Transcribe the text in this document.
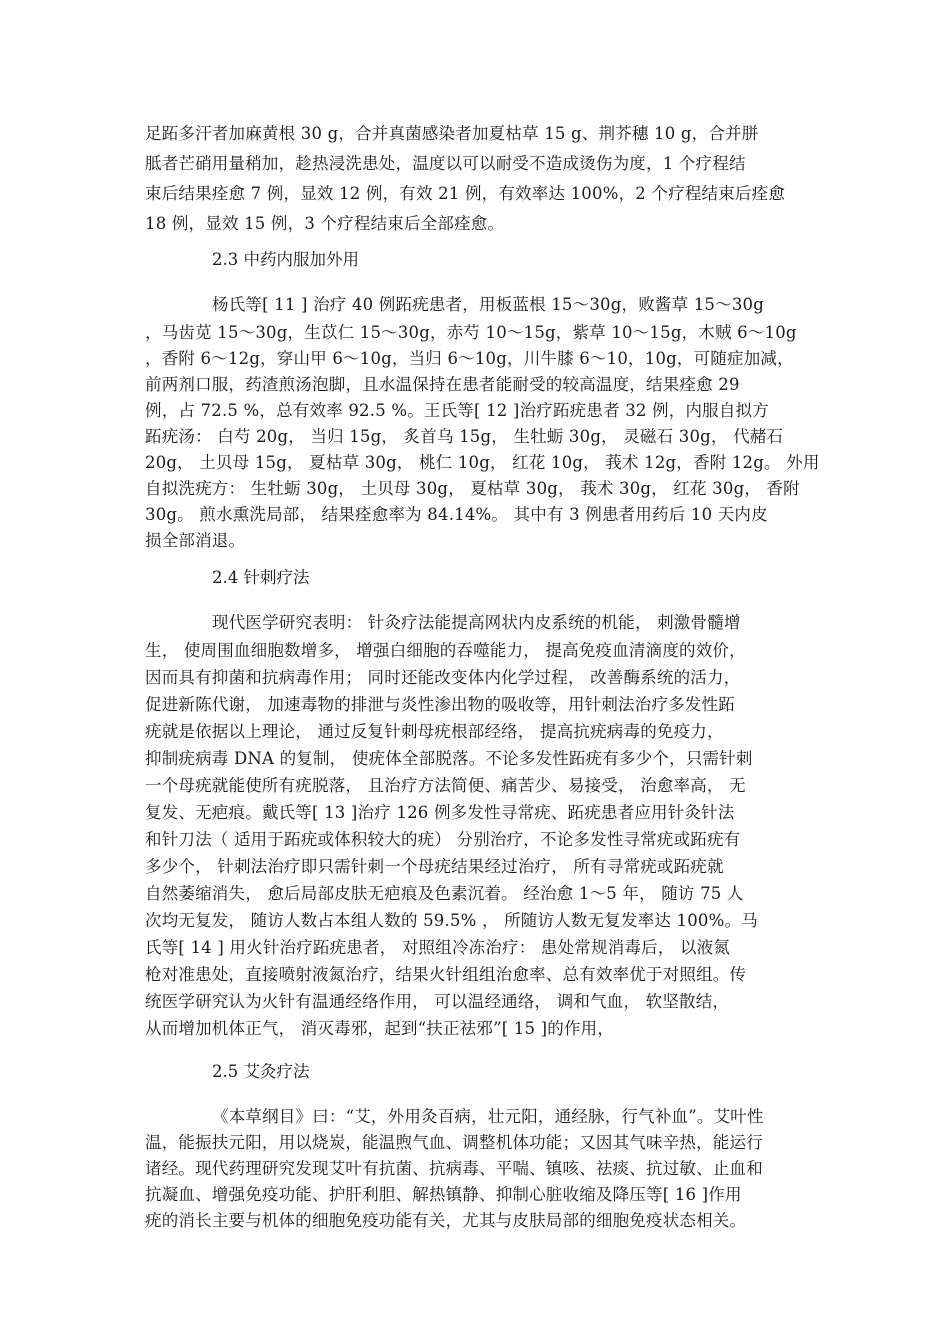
足跖多汗者加麻黄根 30 g，合并真菌感染者加夏枯草 15 g、荆芥穗 10 g，合并胼
胝者芒硝用量稍加，趁热浸洗患处，温度以可以耐受不造成烫伤为度，1 个疗程结
束后结果痊愈 7 例，显效 12 例，有效 21 例，有效率达 100%，2 个疗程结束后痊愈
18 例，显效 15 例，3 个疗程结束后全部痊愈。
2.3 中药内服加外用
杨氏等[ 11 ] 治疗 40 例跖疣患者，用板蓝根 15～30g，败酱草 15～30g
，马齿苋 15～30g，生苡仁 15～30g，赤芍 10～15g，紫草 10～15g，木贼 6～10g
，香附 6～12g，穿山甲 6～10g，当归 6～10g，川牛膝 6～10，10g，可随症加减，
前两剂口服，药渣煎汤泡脚，且水温保持在患者能耐受的较高温度，结果痊愈 29
例，占 72.5 %，总有效率 92.5 %。王氏等[ 12 ]治疗跖疣患者 32 例，内服自拟方
跖疣汤： 白芍 20g， 当归 15g， 炙首乌 15g， 生牡蛎 30g， 灵磁石 30g， 代赭石
20g， 土贝母 15g， 夏枯草 30g， 桃仁 10g， 红花 10g， 莪术 12g，香附 12g。 外用
自拟洗疣方： 生牡蛎 30g， 土贝母 30g， 夏枯草 30g， 莪术 30g， 红花 30g， 香附
30g。 煎水熏洗局部， 结果痊愈率为 84.14%。 其中有 3 例患者用药后 10 天内皮
损全部消退。
2.4 针刺疗法
现代医学研究表明： 针灸疗法能提高网状内皮系统的机能， 刺激骨髓增
生， 使周围血细胞数增多， 增强白细胞的吞噬能力， 提高免疫血清滴度的效价，
因而具有抑菌和抗病毒作用； 同时还能改变体内化学过程， 改善酶系统的活力，
促进新陈代谢， 加速毒物的排泄与炎性渗出物的吸收等，用针刺法治疗多发性跖
疣就是依据以上理论， 通过反复针刺母疣根部经络， 提高抗疣病毒的免疫力，
抑制疣病毒 DNA 的复制， 使疣体全部脱落。不论多发性跖疣有多少个，只需针刺
一个母疣就能使所有疣脱落， 且治疗方法简便、痛苦少、易接受， 治愈率高， 无
复发、无疤痕。戴氏等[ 13 ]治疗 126 例多发性寻常疣、跖疣患者应用针灸针法
和针刀法（ 适用于跖疣或体积较大的疣） 分别治疗，不论多发性寻常疣或跖疣有
多少个， 针刺法治疗即只需针刺一个母疣结果经过治疗， 所有寻常疣或跖疣就
自然萎缩消失， 愈后局部皮肤无疤痕及色素沉着。 经治愈 1～5 年， 随访 75 人
次均无复发， 随访人数占本组人数的 59.5% ， 所随访人数无复发率达 100%。马
氏等[ 14 ] 用火针治疗跖疣患者， 对照组冷冻治疗： 患处常规消毒后， 以液氮
枪对准患处，直接喷射液氮治疗，结果火针组组治愈率、总有效率优于对照组。传
统医学研究认为火针有温通经络作用， 可以温经通络， 调和气血， 软坚散结，
从而增加机体正气， 消灭毒邪，起到“扶正祛邪”[ 15 ]的作用，
2.5 艾灸疗法
《本草纲目》曰：“艾，外用灸百病，壮元阳，通经脉，行气补血”。艾叶性
温，能振扶元阳，用以烧炭，能温煦气血、调整机体功能；又因其气味辛热，能运行
诸经。现代药理研究发现艾叶有抗菌、抗病毒、平喘、镇咳、祛痰、抗过敏、止血和
抗凝血、增强免疫功能、护肝利胆、解热镇静、抑制心脏收缩及降压等[ 16 ]作用
疣的消长主要与机体的细胞免疫功能有关，尤其与皮肤局部的细胞免疫状态相关。
